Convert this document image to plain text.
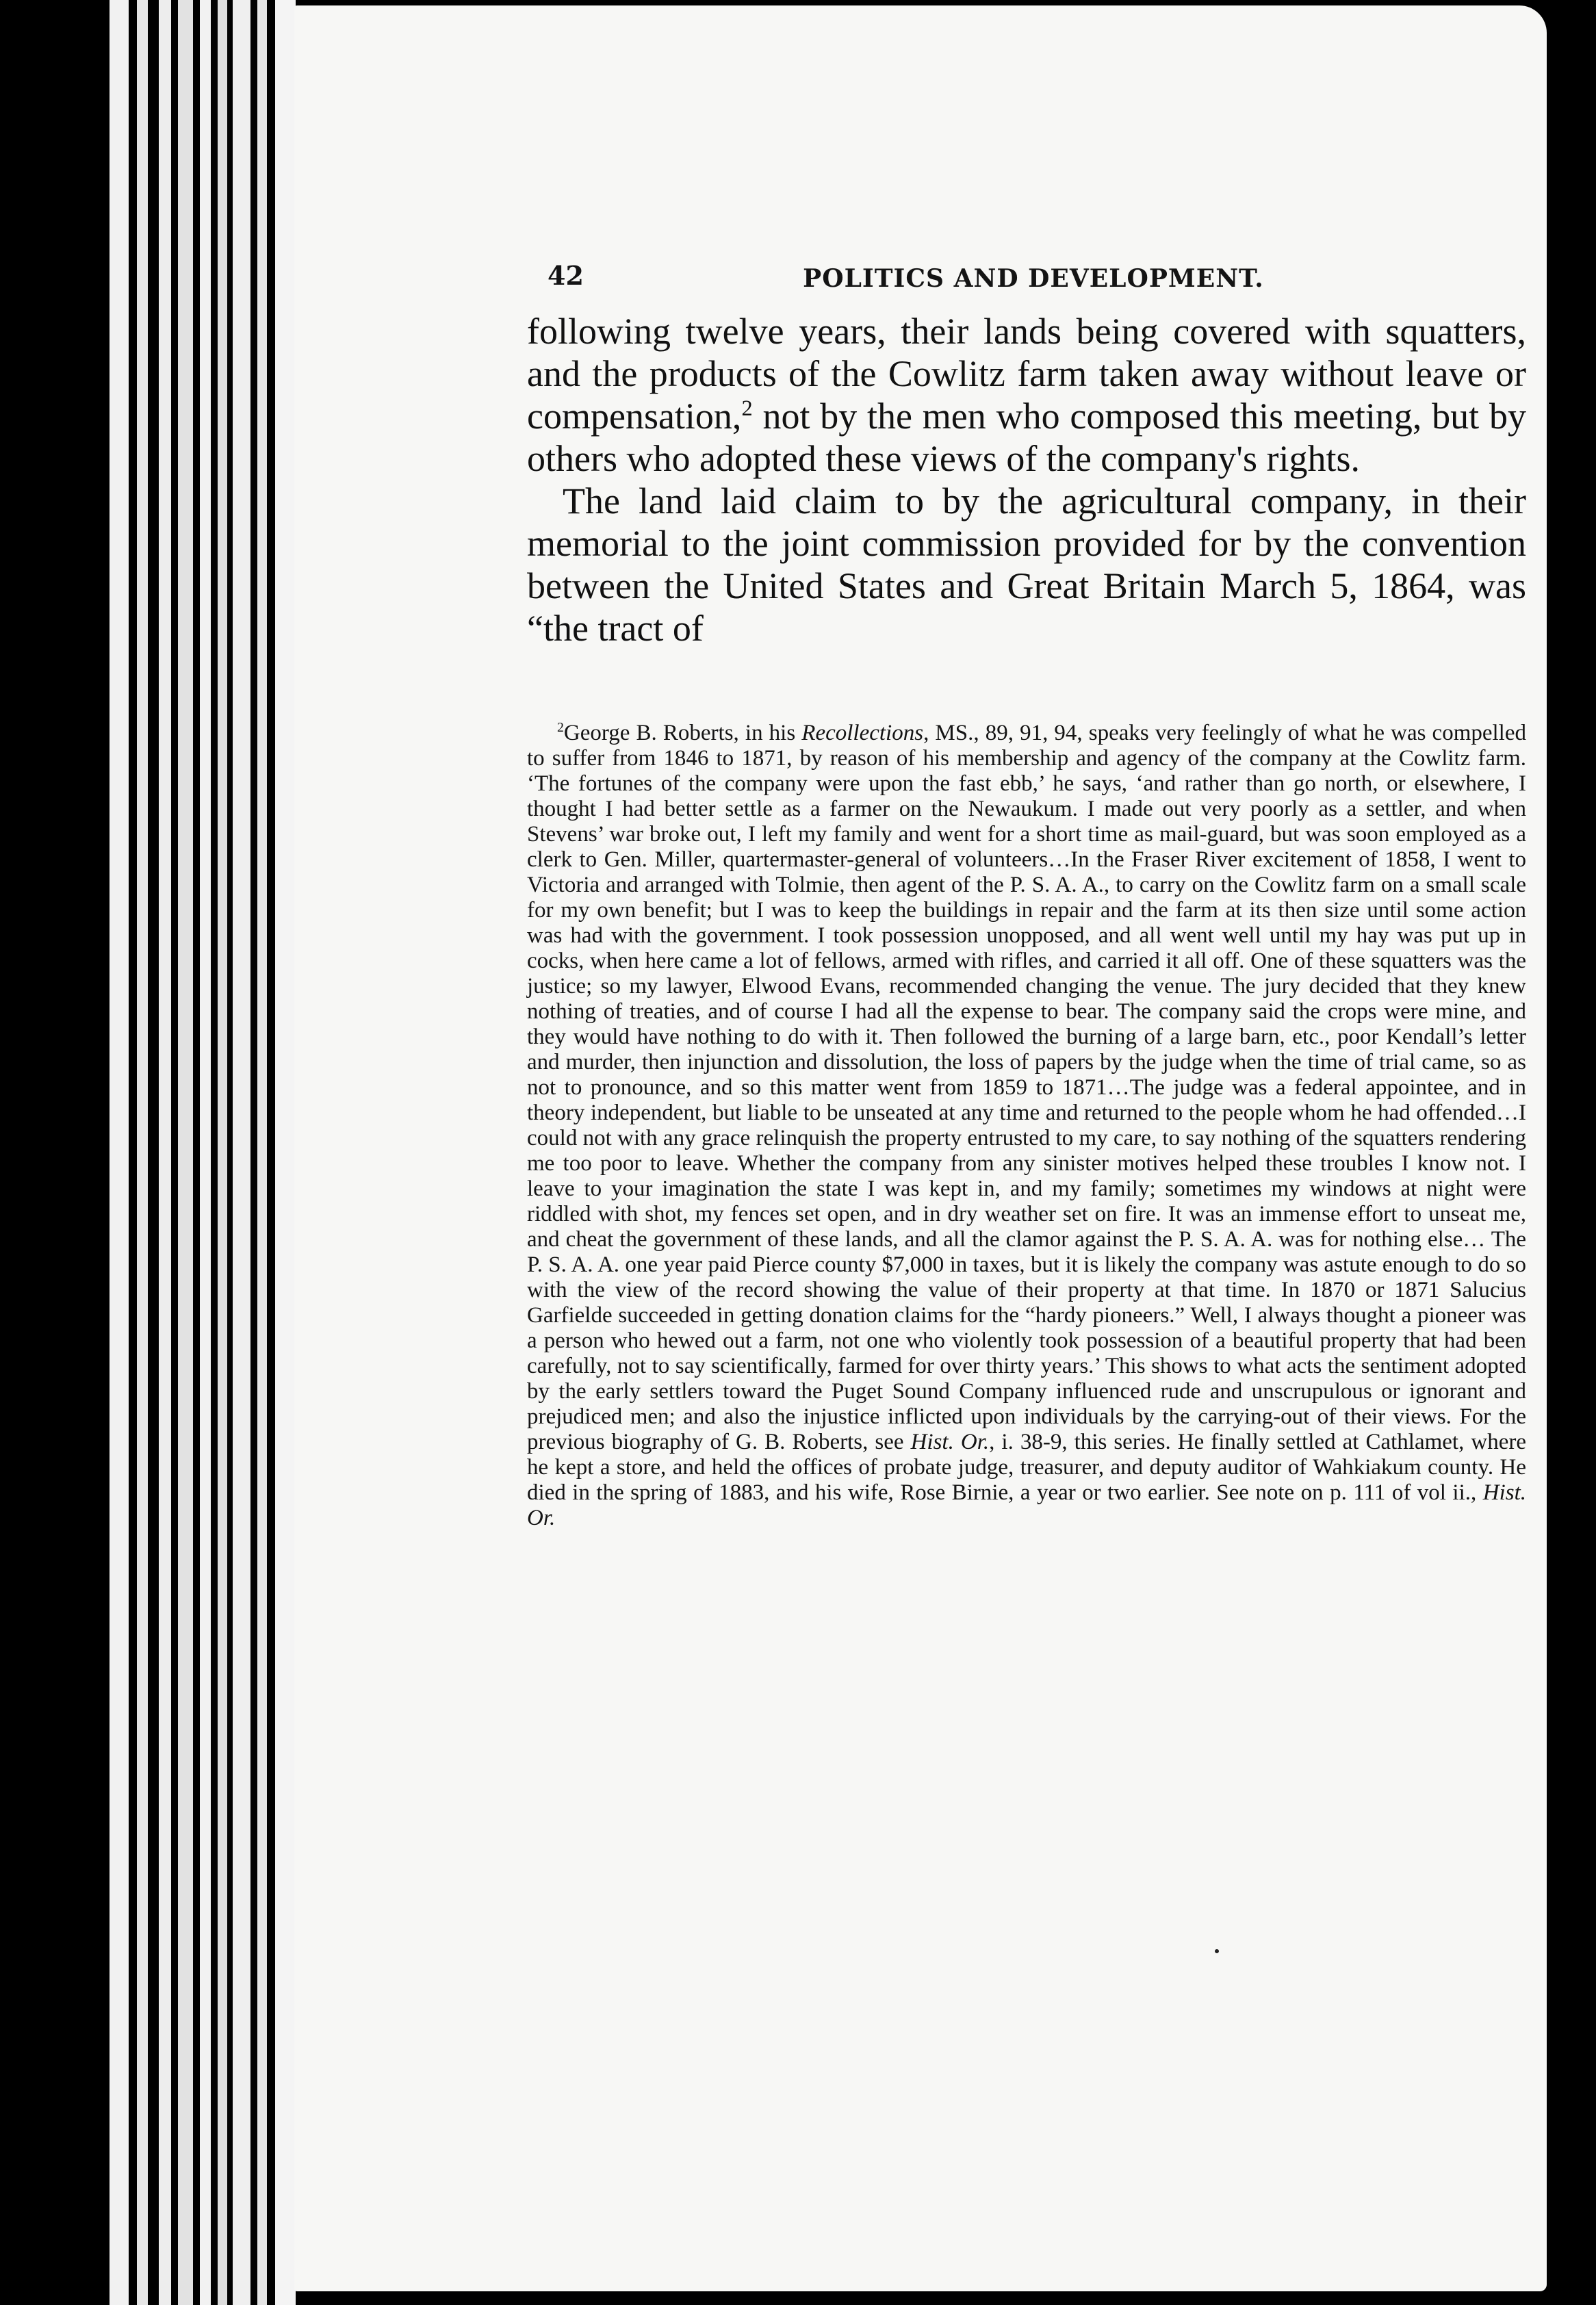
42	POLITICS AND DEVELOPMENT.

following twelve years, their lands being covered with squatters, and the products of the Cowlitz farm taken away without leave or compensation,$^2$ not by the men who composed this meeting, but by others who adopted these views of the company's rights.

The land laid claim to by the agricultural company, in their memorial to the joint commission provided for by the convention between the United States and Great Britain March 5, 1864, was “the tract of

$^2$George B. Roberts, in his Recollections, MS., 89, 91, 94, speaks very feelingly of what he was compelled to suffer from 1846 to 1871, by reason of his membership and agency of the company at the Cowlitz farm. ‘The fortunes of the company were upon the fast ebb,’ he says, ‘and rather than go north, or elsewhere, I thought I had better settle as a farmer on the Newaukum. I made out very poorly as a settler, and when Stevens’ war broke out, I left my family and went for a short time as mail-guard, but was soon employed as a clerk to Gen. Miller, quartermaster-general of volunteers…In the Fraser River excitement of 1858, I went to Victoria and arranged with Tolmie, then agent of the P. S. A. A., to carry on the Cowlitz farm on a small scale for my own benefit; but I was to keep the buildings in repair and the farm at its then size until some action was had with the government. I took possession unopposed, and all went well until my hay was put up in cocks, when here came a lot of fellows, armed with rifles, and carried it all off. One of these squatters was the justice; so my lawyer, Elwood Evans, recommended changing the venue. The jury decided that they knew nothing of treaties, and of course I had all the expense to bear. The company said the crops were mine, and they would have nothing to do with it. Then followed the burning of a large barn, etc., poor Kendall’s letter and murder, then injunction and dissolution, the loss of papers by the judge when the time of trial came, so as not to pronounce, and so this matter went from 1859 to 1871…The judge was a federal appointee, and in theory independent, but liable to be unseated at any time and returned to the people whom he had offended…I could not with any grace relinquish the property entrusted to my care, to say nothing of the squatters rendering me too poor to leave. Whether the company from any sinister motives helped these troubles I know not. I leave to your imagination the state I was kept in, and my family; sometimes my windows at night were riddled with shot, my fences set open, and in dry weather set on fire. It was an immense effort to unseat me, and cheat the government of these lands, and all the clamor against the P. S. A. A. was for nothing else… The P. S. A. A. one year paid Pierce county $7,000 in taxes, but it is likely the company was astute enough to do so with the view of the record showing the value of their property at that time. In 1870 or 1871 Salucius Garfielde succeeded in getting donation claims for the “hardy pioneers.” Well, I always thought a pioneer was a person who hewed out a farm, not one who violently took possession of a beautiful property that had been carefully, not to say scientifically, farmed for over thirty years.’ This shows to what acts the sentiment adopted by the early settlers toward the Puget Sound Company influenced rude and unscrupulous or ignorant and prejudiced men; and also the injustice inflicted upon individuals by the carrying-out of their views. For the previous biography of G. B. Roberts, see Hist. Or., i. 38-9, this series. He finally settled at Cathlamet, where he kept a store, and held the offices of probate judge, treasurer, and deputy auditor of Wahkiakum county. He died in the spring of 1883, and his wife, Rose Birnie, a year or two earlier. See note on p. 111 of vol ii., Hist. Or.
